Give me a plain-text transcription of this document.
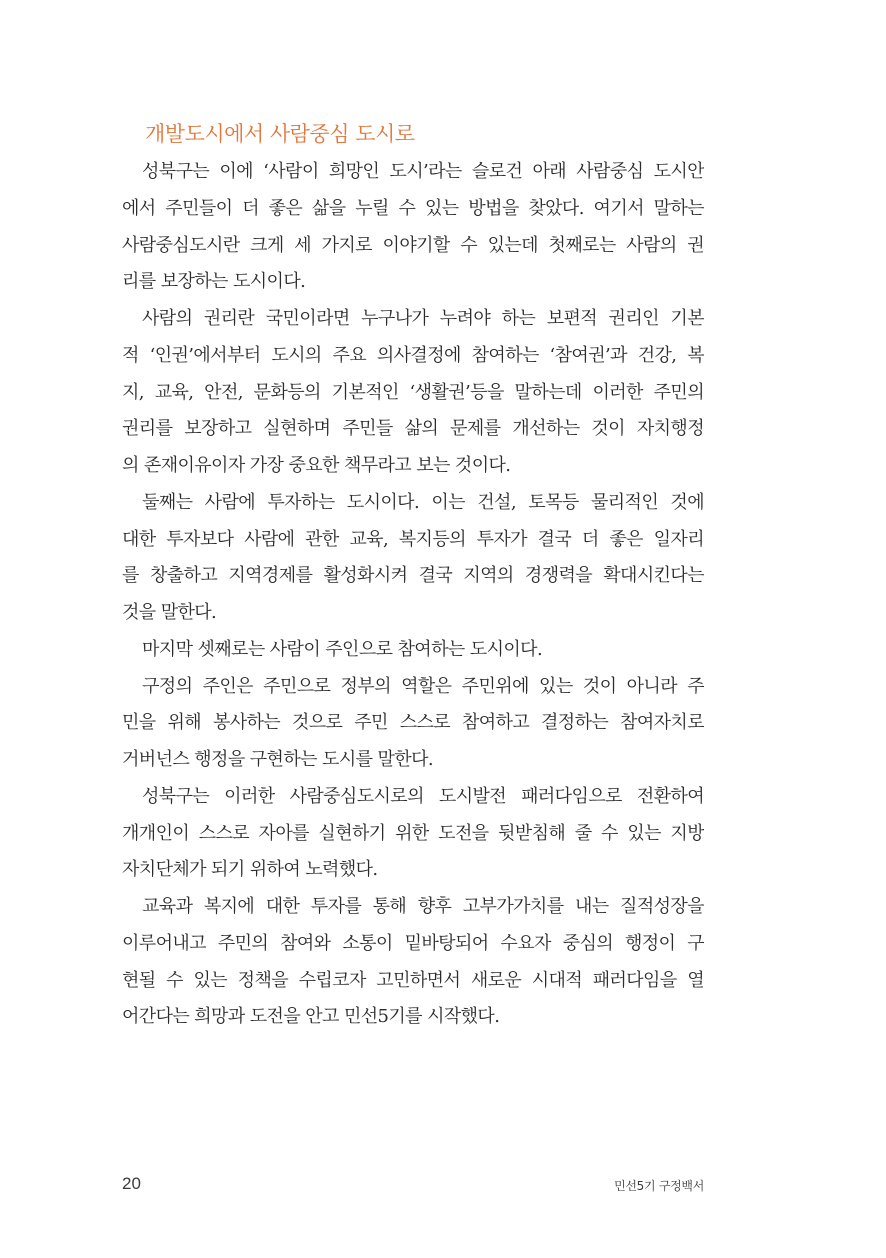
개발도시에서 사람중심 도시로
성북구는 이에 ‘사람이 희망인 도시’라는 슬로건 아래 사람중심 도시안
에서 주민들이 더 좋은 삶을 누릴 수 있는 방법을 찾았다. 여기서 말하는
사람중심도시란 크게 세 가지로 이야기할 수 있는데 첫째로는 사람의 권
리를 보장하는 도시이다.
사람의 권리란 국민이라면 누구나가 누려야 하는 보편적 권리인 기본
적 ‘인권’에서부터 도시의 주요 의사결정에 참여하는 ‘참여권’과 건강, 복
지, 교육, 안전, 문화등의 기본적인 ‘생활권’등을 말하는데 이러한 주민의
권리를 보장하고 실현하며 주민들 삶의 문제를 개선하는 것이 자치행정
의 존재이유이자 가장 중요한 책무라고 보는 것이다.
둘째는 사람에 투자하는 도시이다. 이는 건설, 토목등 물리적인 것에
대한 투자보다 사람에 관한 교육, 복지등의 투자가 결국 더 좋은 일자리
를 창출하고 지역경제를 활성화시켜 결국 지역의 경쟁력을 확대시킨다는
것을 말한다.
마지막 셋째로는 사람이 주인으로 참여하는 도시이다.
구정의 주인은 주민으로 정부의 역할은 주민위에 있는 것이 아니라 주
민을 위해 봉사하는 것으로 주민 스스로 참여하고 결정하는 참여자치로
거버넌스 행정을 구현하는 도시를 말한다.
성북구는 이러한 사람중심도시로의 도시발전 패러다임으로 전환하여
개개인이 스스로 자아를 실현하기 위한 도전을 뒷받침해 줄 수 있는 지방
자치단체가 되기 위하여 노력했다.
교육과 복지에 대한 투자를 통해 향후 고부가가치를 내는 질적성장을
이루어내고 주민의 참여와 소통이 밑바탕되어 수요자 중심의 행정이 구
현될 수 있는 정책을 수립코자 고민하면서 새로운 시대적 패러다임을 열
어간다는 희망과 도전을 안고 민선5기를 시작했다.
20	민선5기 구정백서
